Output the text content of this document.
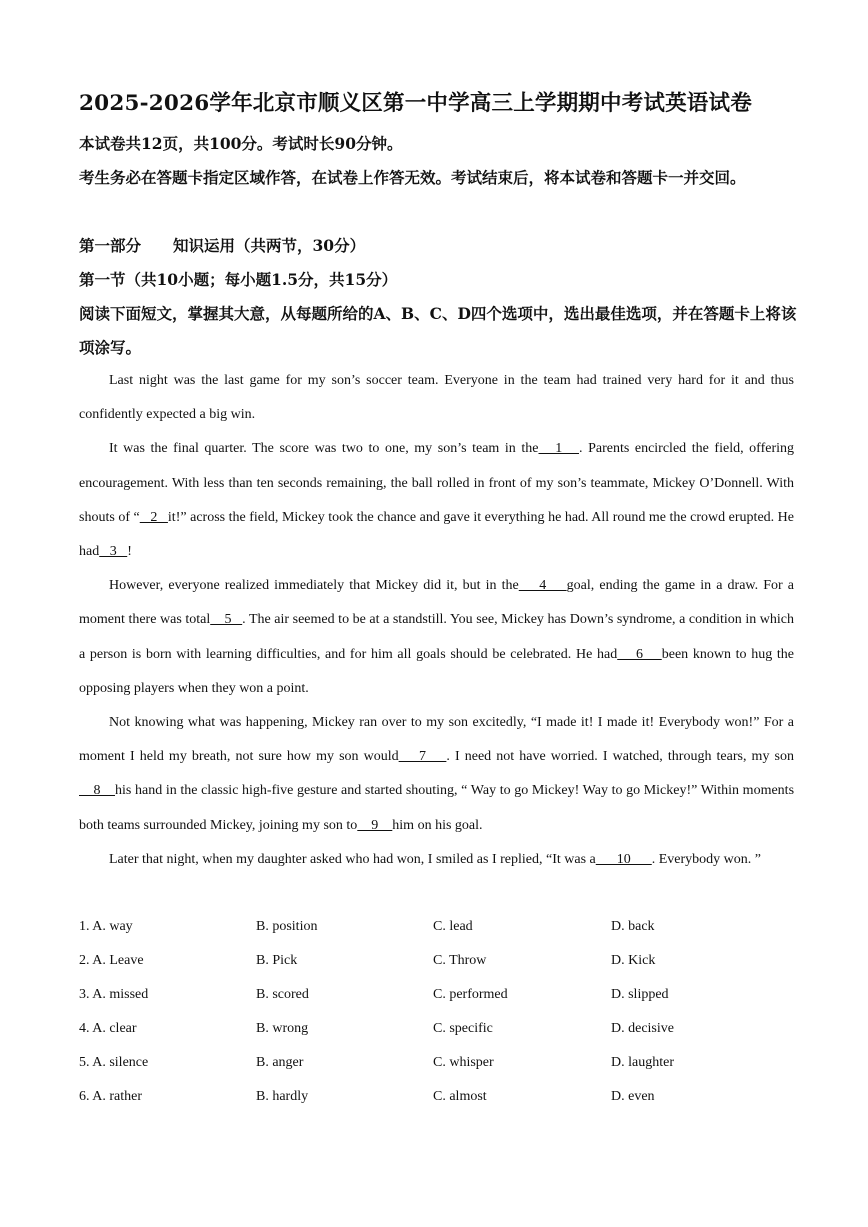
2025-2026学年北京市顺义区第一中学高三上学期期中考试英语试卷
本试卷共12页，共100分。考试时长90分钟。
考生务必在答题卡指定区域作答，在试卷上作答无效。考试结束后，将本试卷和答题卡一并交回。
第一部分 知识运用（共两节，30分）
第一节（共10小题；每小题1.5分，共15分）
阅读下面短文，掌握其大意，从每题所给的A、B、C、D四个选项中，选出最佳选项，并在答题卡上将该项涂写。

Last night was the last game for my son’s soccer team. Everyone in the team had trained very hard for it and thus confidently expected a big win.

It was the final quarter. The score was two to one, my son’s team in the   1   . Parents encircled the field, offering encouragement. With less than ten seconds remaining, the ball rolled in front of my son’s teammate, Mickey O’Donnell. With shouts of “   2   it!” across the field, Mickey took the chance and gave it everything he had. All round me the crowd erupted. He had   3   !

However, everyone realized immediately that Mickey did it, but in the    4    goal, ending the game in a draw. For a moment there was total    5   . The air seemed to be at a standstill. You see, Mickey has Down’s syndrome, a condition in which a person is born with learning difficulties, and for him all goals should be celebrated. He had    6    been known to hug the opposing players when they won a point.

Not knowing what was happening, Mickey ran over to my son excitedly, “I made it! I made it! Everybody won!” For a moment I held my breath, not sure how my son would    7    . I need not have worried. I watched, through tears, my son    8    his hand in the classic high-five gesture and started shouting, “ Way to go Mickey! Way to go Mickey!” Within moments both teams surrounded Mickey, joining my son to    9    him on his goal.

Later that night, when my daughter asked who had won, I smiled as I replied, “It was a      10      . Everybody won. ”

1. A. way	B. position	C. lead	D. back
2. A. Leave	B. Pick	C. Throw	D. Kick
3. A. missed	B. scored	C. performed	D. slipped
4. A. clear	B. wrong	C. specific	D. decisive
5. A. silence	B. anger	C. whisper	D. laughter
6. A. rather	B. hardly	C. almost	D. even
